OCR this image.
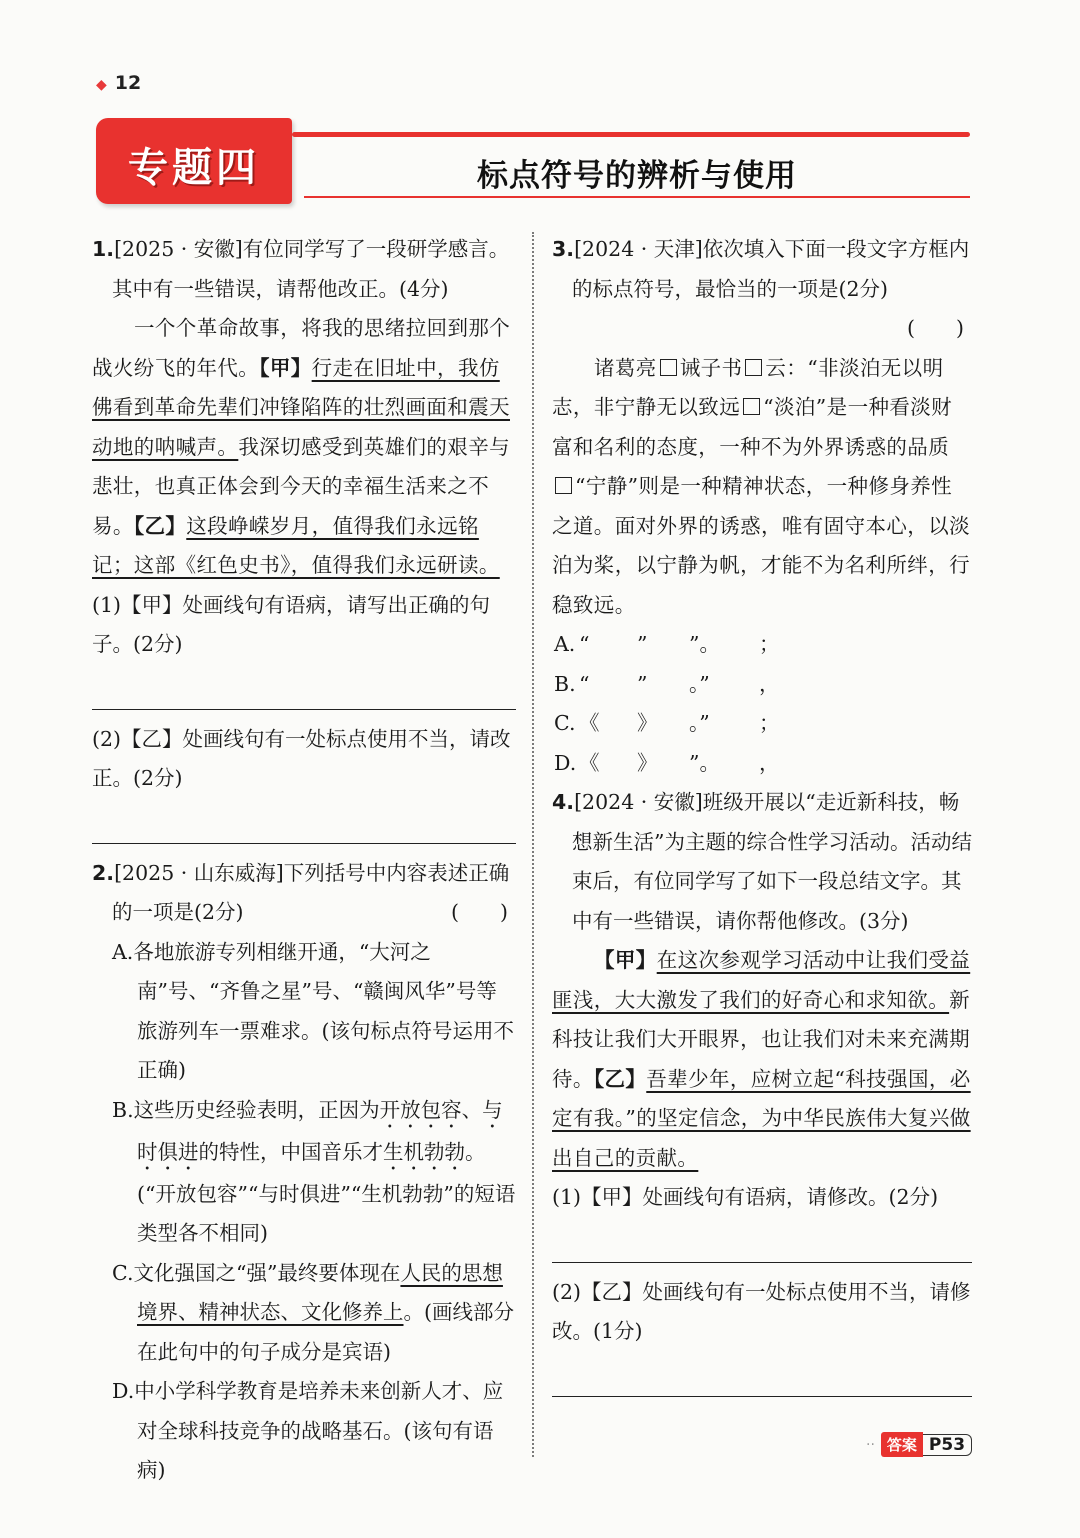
◆ 12
专题四	标点符号的辨析与使用

1.[2025 · 安徽]有位同学写了一段研学感言。其中有一些错误，请帮他改正。(4分)

一个个革命故事，将我的思绪拉回到那个战火纷飞的年代。【甲】行走在旧址中，我仿佛看到革命先辈们冲锋陷阵的壮烈画面和震天动地的呐喊声。我深切感受到英雄们的艰辛与悲壮，也真正体会到今天的幸福生活来之不易。【乙】这段峥嵘岁月，值得我们永远铭记；这部《红色史书》，值得我们永远研读。

(1)【甲】处画线句有语病，请写出正确的句子。(2分)

(2)【乙】处画线句有一处标点使用不当，请改正。(2分)

2.[2025 · 山东威海]下列括号中内容表述正确的一项是(2分)	(　　)

A.各地旅游专列相继开通，“大河之南”号、“齐鲁之星”号、“赣闽风华”号等旅游列车一票难求。(该句标点符号运用不正确)

B.这些历史经验表明，正因为开放包容、与时俱进的特性，中国音乐才生机勃勃。(“开放包容”“与时俱进”“生机勃勃”的短语类型各不相同)

C.文化强国之“强”最终要体现在人民的思想境界、精神状态、文化修养上。(画线部分在此句中的句子成分是宾语)

D.中小学科学教育是培养未来创新人才、应对全球科技竞争的战略基石。(该句有语病)

3.[2024 · 天津]依次填入下面一段文字方框内的标点符号，最恰当的一项是(2分)

(　　)

诸葛亮 诫子书 云：“非淡泊无以明志，非宁静无以致远 “淡泊”是一种看淡财富和名利的态度，一种不为外界诱惑的品质“宁静”则是一种精神状态，一种修身养性之道。面对外界的诱惑，唯有固守本心，以淡泊为桨，以宁静为帆，才能不为名利所绊，行稳致远。

A. “	”	”。	；
B. “	”	。”	，
C. 《	》	。”	；
D. 《	》	”。	，

4.[2024 · 安徽]班级开展以“走近新科技，畅想新生活”为主题的综合性学习活动。活动结束后，有位同学写了如下一段总结文字。其中有一些错误，请你帮他修改。(3分)

【甲】在这次参观学习活动中让我们受益匪浅，大大激发了我们的好奇心和求知欲。新科技让我们大开眼界，也让我们对未来充满期待。【乙】吾辈少年，应树立起“科技强国，必定有我。”的坚定信念，为中华民族伟大复兴做出自己的贡献。

(1)【甲】处画线句有语病，请修改。(2分)

(2)【乙】处画线句有一处标点使用不当，请修改。(1分)

·· 答案 P53
